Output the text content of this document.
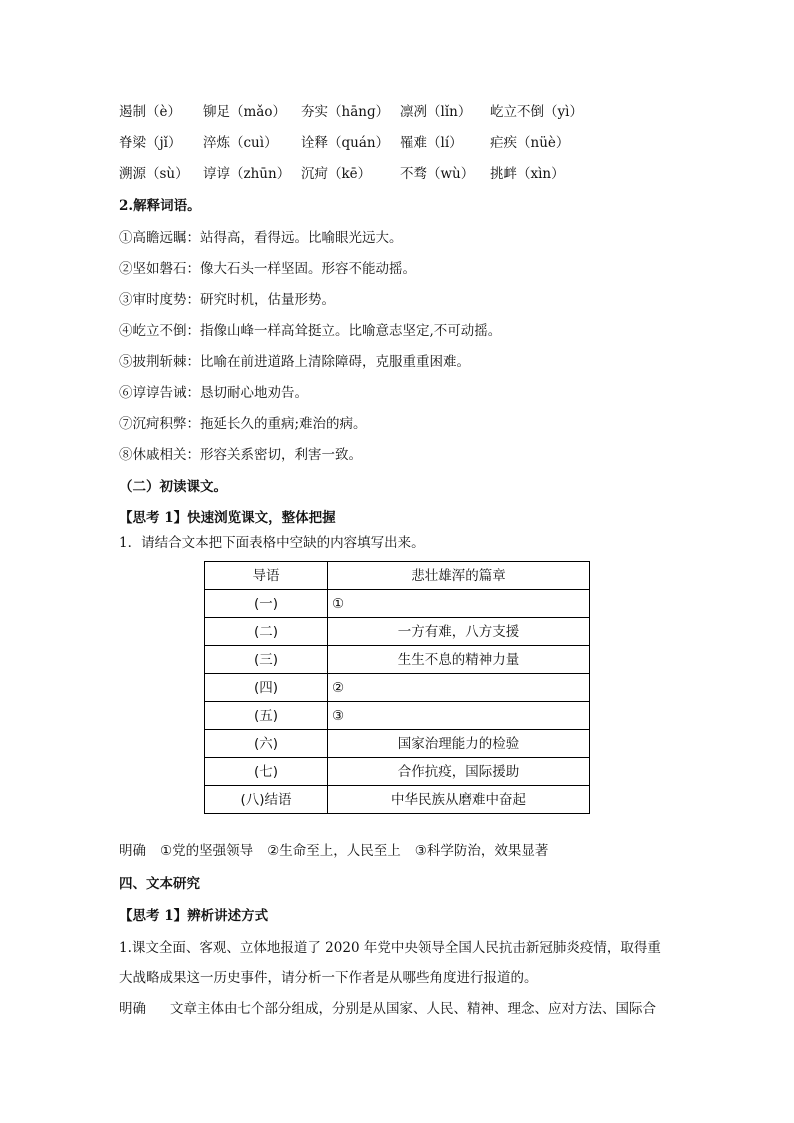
遏制（è） 铆足（mǎo） 夯实（hānɡ） 凛冽（lǐn） 屹立不倒（yì）
脊梁（jǐ） 淬炼（cuì） 诠释（quán） 罹难（lí） 疟疾（nüè）
溯源（sù） 谆谆（zhūn） 沉疴（kē） 不骛（wù） 挑衅（xìn）
2.解释词语。
①高瞻远瞩：站得高，看得远。比喻眼光远大。
②坚如磐石：像大石头一样坚固。形容不能动摇。
③审时度势：研究时机，估量形势。
④屹立不倒：指像山峰一样高耸挺立。比喻意志坚定,不可动摇。
⑤披荆斩棘：比喻在前进道路上清除障碍，克服重重困难。
⑥谆谆告诫：恳切耐心地劝告。
⑦沉疴积弊：拖延长久的重病;难治的病。
⑧休戚相关：形容关系密切，利害一致。
（二）初读课文。
【思考 1】快速浏览课文，整体把握
1．请结合文本把下面表格中空缺的内容填写出来。
导语	悲壮雄浑的篇章
(一)	①
(二)	一方有难，八方支援
(三)	生生不息的精神力量
(四)	②
(五)	③
(六)	国家治理能力的检验
(七)	合作抗疫，国际援助
(八)结语	中华民族从磨难中奋起
明确 ①党的坚强领导 ②生命至上，人民至上 ③科学防治，效果显著
四、文本研究
【思考 1】辨析讲述方式
1.课文全面、客观、立体地报道了 2020 年党中央领导全国人民抗击新冠肺炎疫情，取得重
大战略成果这一历史事件，请分析一下作者是从哪些角度进行报道的。
明确 文章主体由七个部分组成，分别是从国家、人民、精神、理念、应对方法、国际合
